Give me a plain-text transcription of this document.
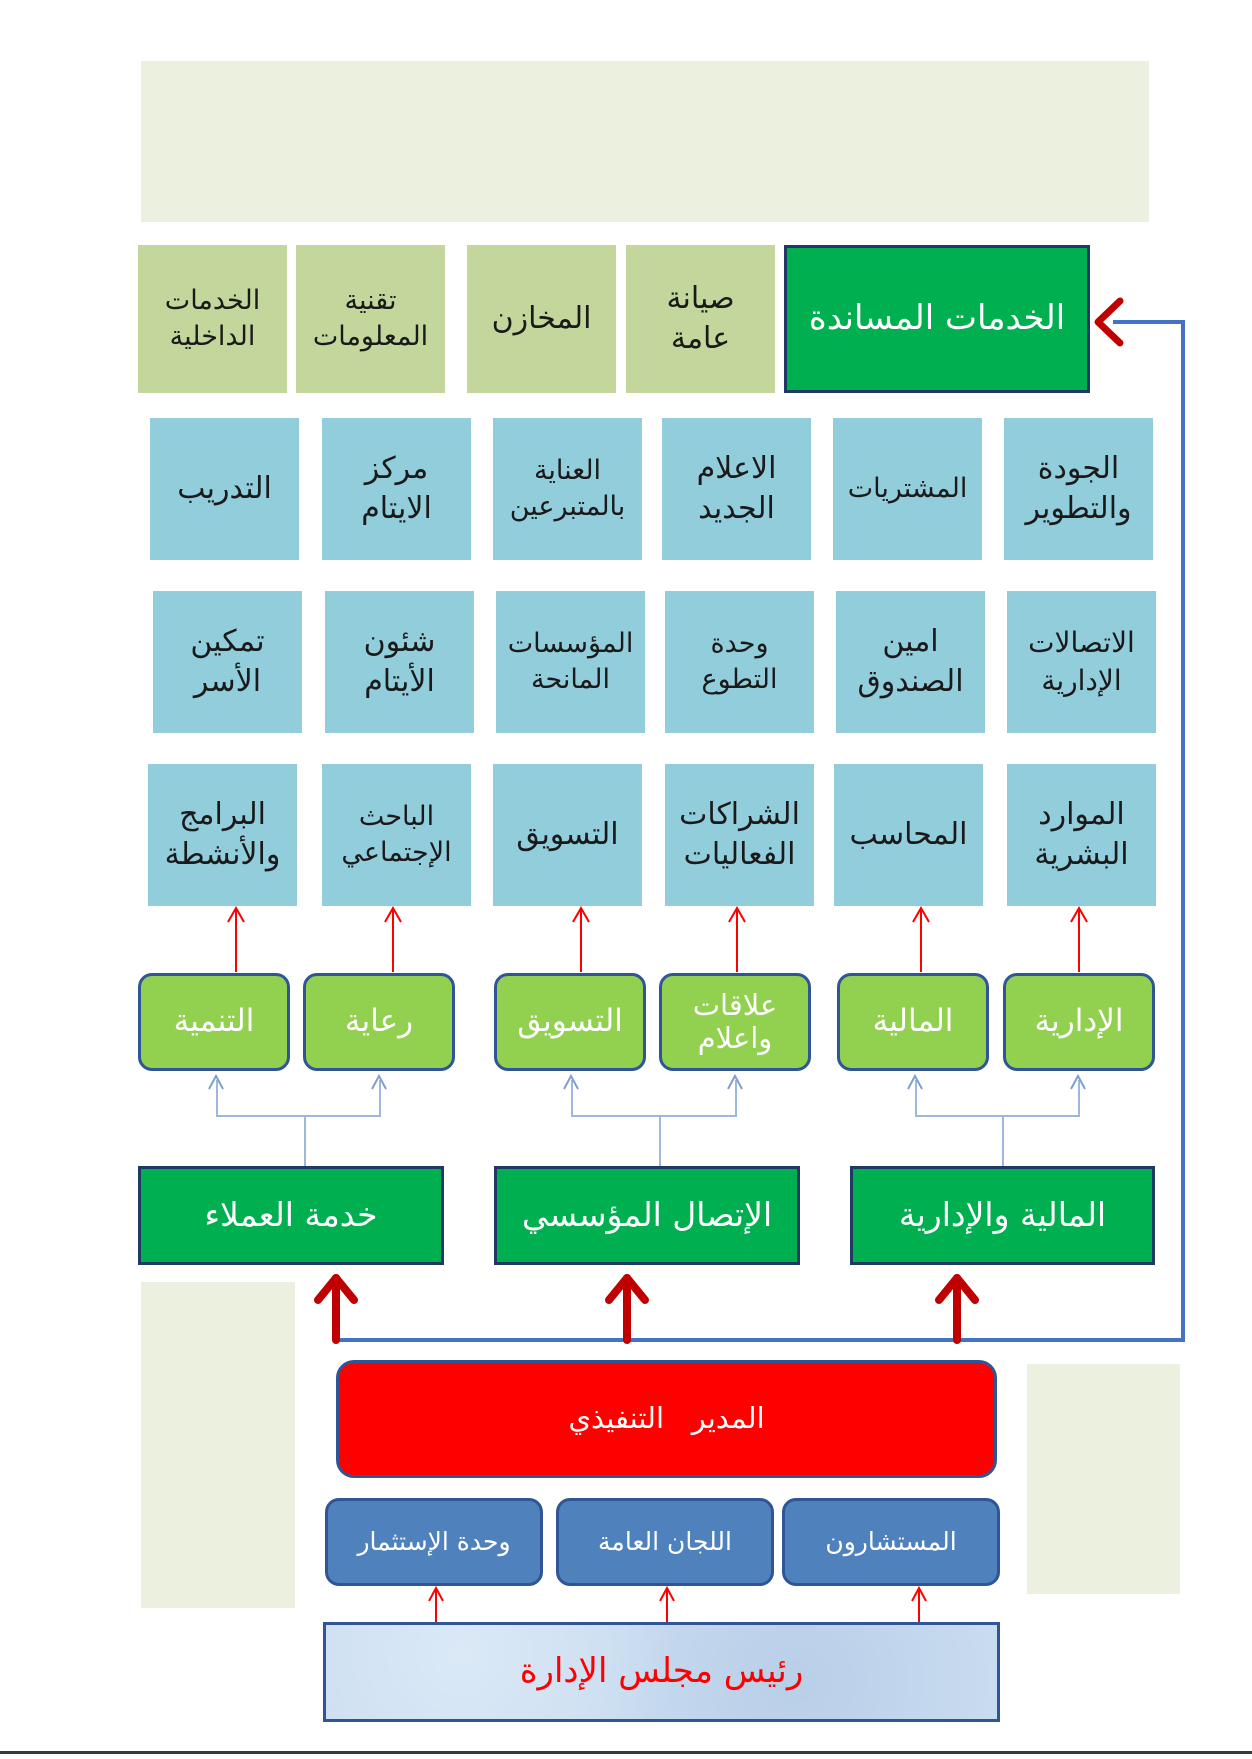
الخدمات المساندة
صيانة
عامة
المخازن
تقنية
المعلومات
الخدمات
الداخلية
الجودة
والتطوير
المشتريات
الاعلام
الجديد
العناية
بالمتبرعين
مركز
الايتام
التدريب
الاتصالات
الإدارية
امين
الصندوق
وحدة
التطوع
المؤسسات
المانحة
شئون
الأيتام
تمكين
الأسر
الموارد
البشرية
المحاسب
الشراكات
الفعاليات
التسويق
الباحث
الإجتماعي
البرامج
والأنشطة
الإدارية
المالية
علاقات
واعلام
التسويق
رعاية
التنمية
المالية والإدارية
الإتصال المؤسسي
خدمة العملاء
المدير   التنفيذي
المستشارون
اللجان العامة
وحدة الإستثمار
رئيس مجلس الإدارة
